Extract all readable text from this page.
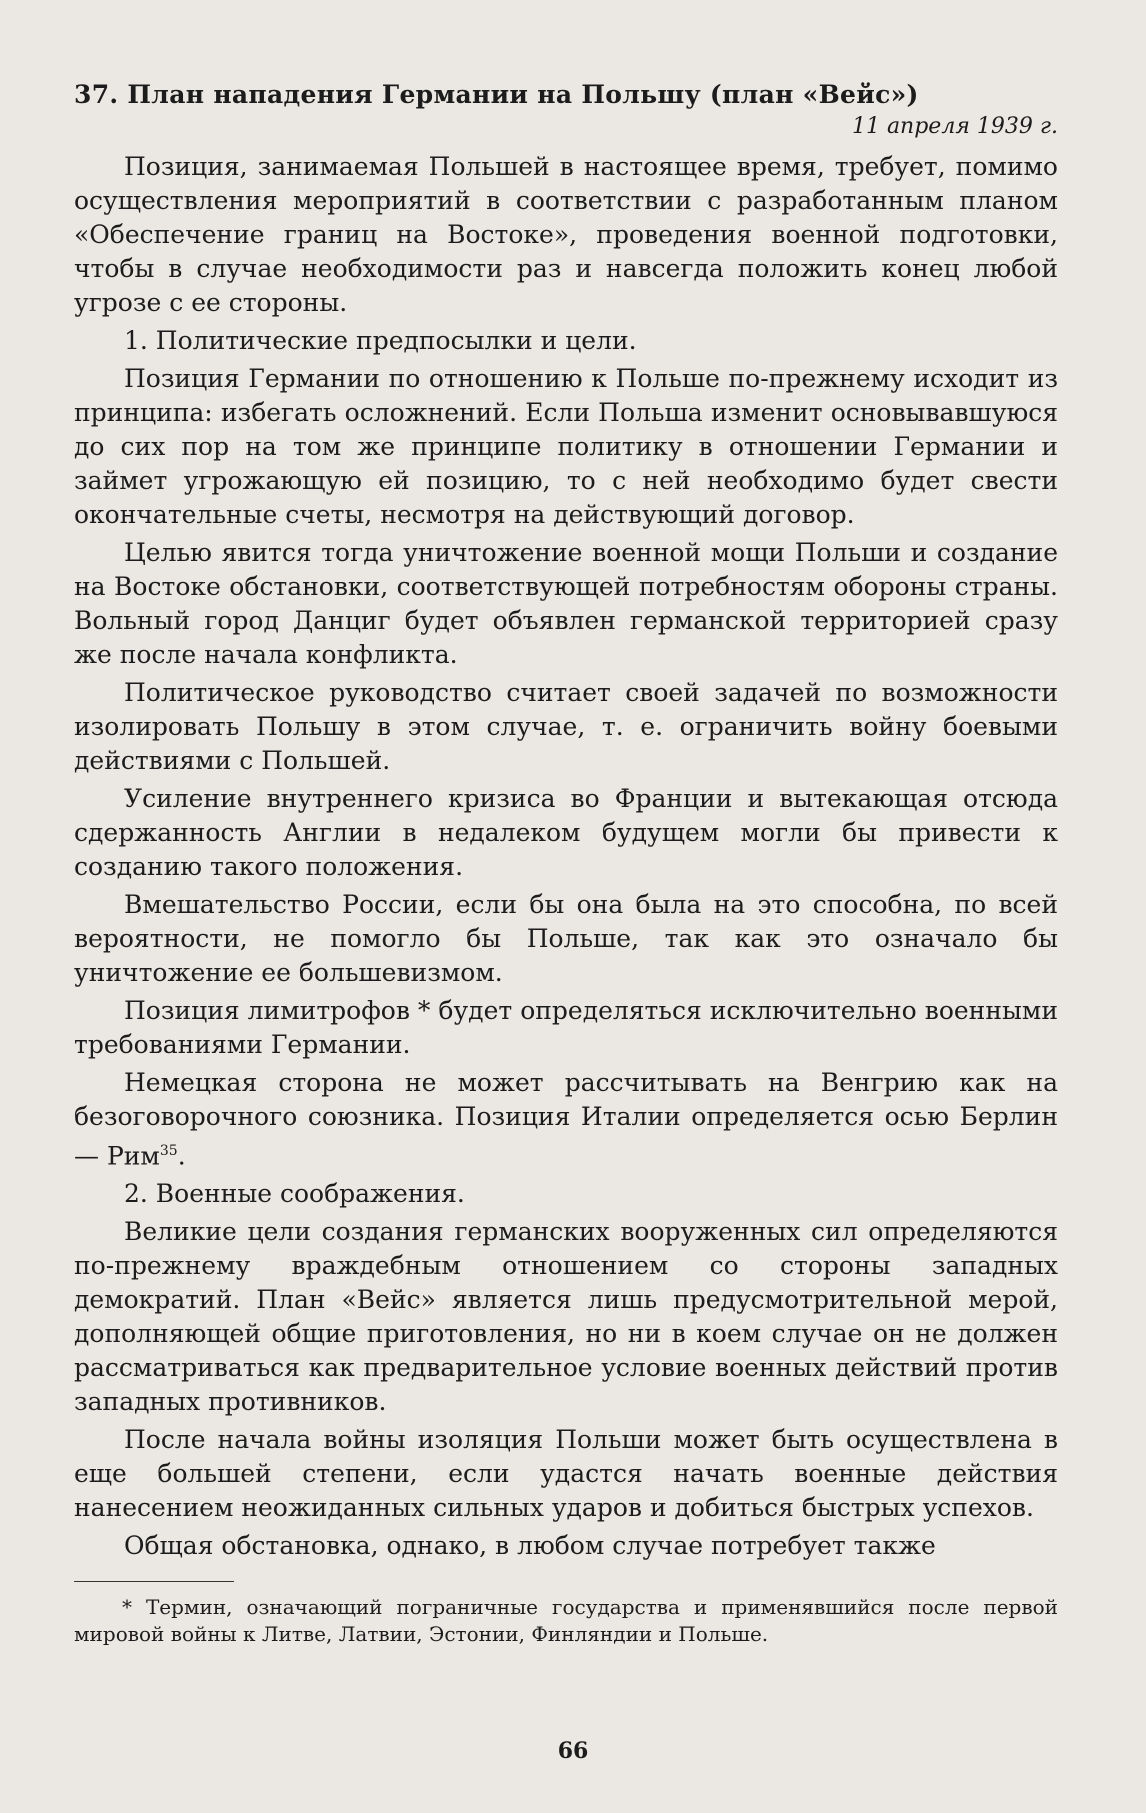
37. План нападения Германии на Польшу (план «Вейс»)

11 апреля 1939 г.

Позиция, занимаемая Польшей в настоящее время, требует, помимо осуществления мероприятий в соответствии с разработанным планом «Обеспечение границ на Востоке», проведения военной подготовки, чтобы в случае необходимости раз и навсегда положить конец любой угрозе с ее стороны.

1. Политические предпосылки и цели.

Позиция Германии по отношению к Польше по-прежнему исходит из принципа: избегать осложнений. Если Польша изменит основывавшуюся до сих пор на том же принципе политику в отношении Германии и займет угрожающую ей позицию, то с ней необходимо будет свести окончательные счеты, несмотря на действующий договор.

Целью явится тогда уничтожение военной мощи Польши и создание на Востоке обстановки, соответствующей потребностям обороны страны. Вольный город Данциг будет объявлен германской территорией сразу же после начала конфликта.

Политическое руководство считает своей задачей по возможности изолировать Польшу в этом случае, т. е. ограничить войну боевыми действиями с Польшей.

Усиление внутреннего кризиса во Франции и вытекающая отсюда сдержанность Англии в недалеком будущем могли бы привести к созданию такого положения.

Вмешательство России, если бы она была на это способна, по всей вероятности, не помогло бы Польше, так как это означало бы уничтожение ее большевизмом.

Позиция лимитрофов * будет определяться исключительно военными требованиями Германии.

Немецкая сторона не может рассчитывать на Венгрию как на безоговорочного союзника. Позиция Италии определяется осью Берлин — Рим$^{35}$.

2. Военные соображения.

Великие цели создания германских вооруженных сил определяются по-прежнему враждебным отношением со стороны западных демократий. План «Вейс» является лишь предусмотрительной мерой, дополняющей общие приготовления, но ни в коем случае он не должен рассматриваться как предварительное условие военных действий против западных противников.

После начала войны изоляция Польши может быть осуществлена в еще большей степени, если удастся начать военные действия нанесением неожиданных сильных ударов и добиться быстрых успехов.

Общая обстановка, однако, в любом случае потребует также

* Термин, означающий пограничные государства и применявшийся после первой мировой войны к Литве, Латвии, Эстонии, Финляндии и Польше.

66
